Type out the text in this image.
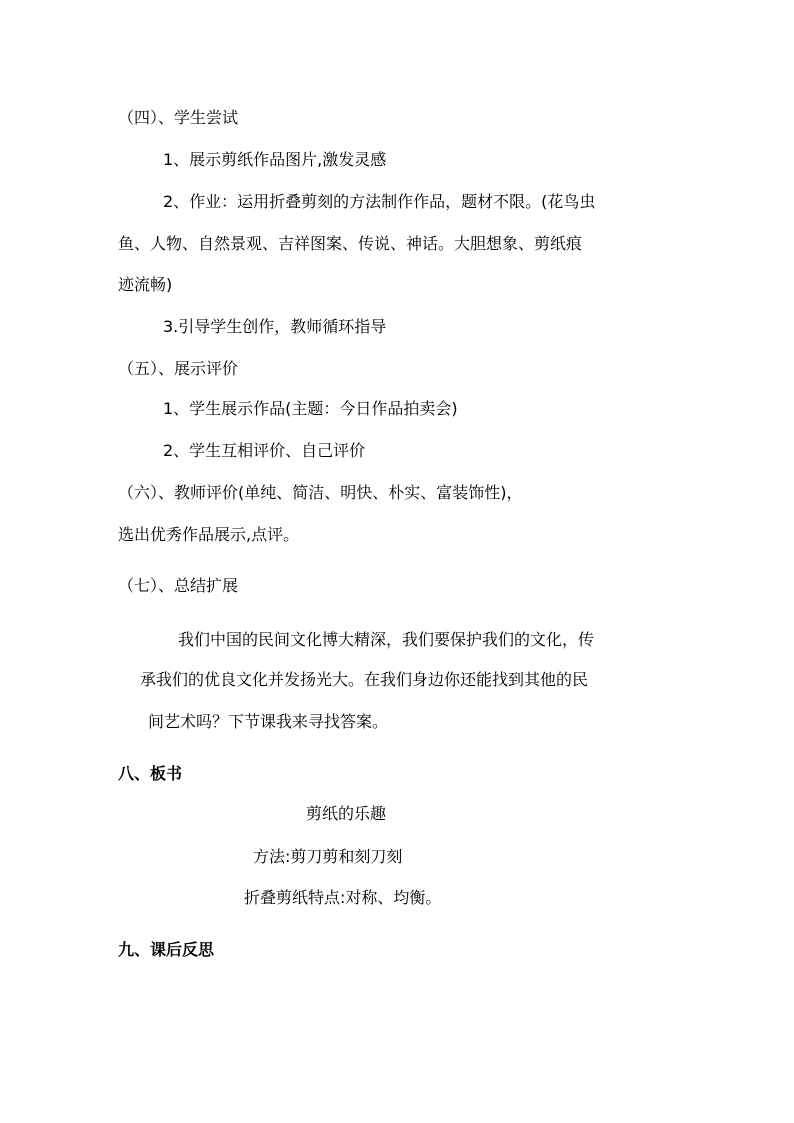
（四）、学生尝试
1、展示剪纸作品图片,激发灵感
2、作业：运用折叠剪刻的方法制作作品，题材不限。(花鸟虫
鱼、人物、自然景观、吉祥图案、传说、神话。大胆想象、剪纸痕
迹流畅)
3.引导学生创作，教师循环指导
（五）、展示评价
1、学生展示作品(主题：今日作品拍卖会)
2、学生互相评价、自己评价
（六）、教师评价(单纯、简洁、明快、朴实、富装饰性)，
选出优秀作品展示,点评。
（七）、总结扩展
我们中国的民间文化博大精深，我们要保护我们的文化，传
承我们的优良文化并发扬光大。在我们身边你还能找到其他的民
间艺术吗？下节课我来寻找答案。
八、板书
剪纸的乐趣
方法:剪刀剪和刻刀刻
折叠剪纸特点:对称、均衡。
九、课后反思
